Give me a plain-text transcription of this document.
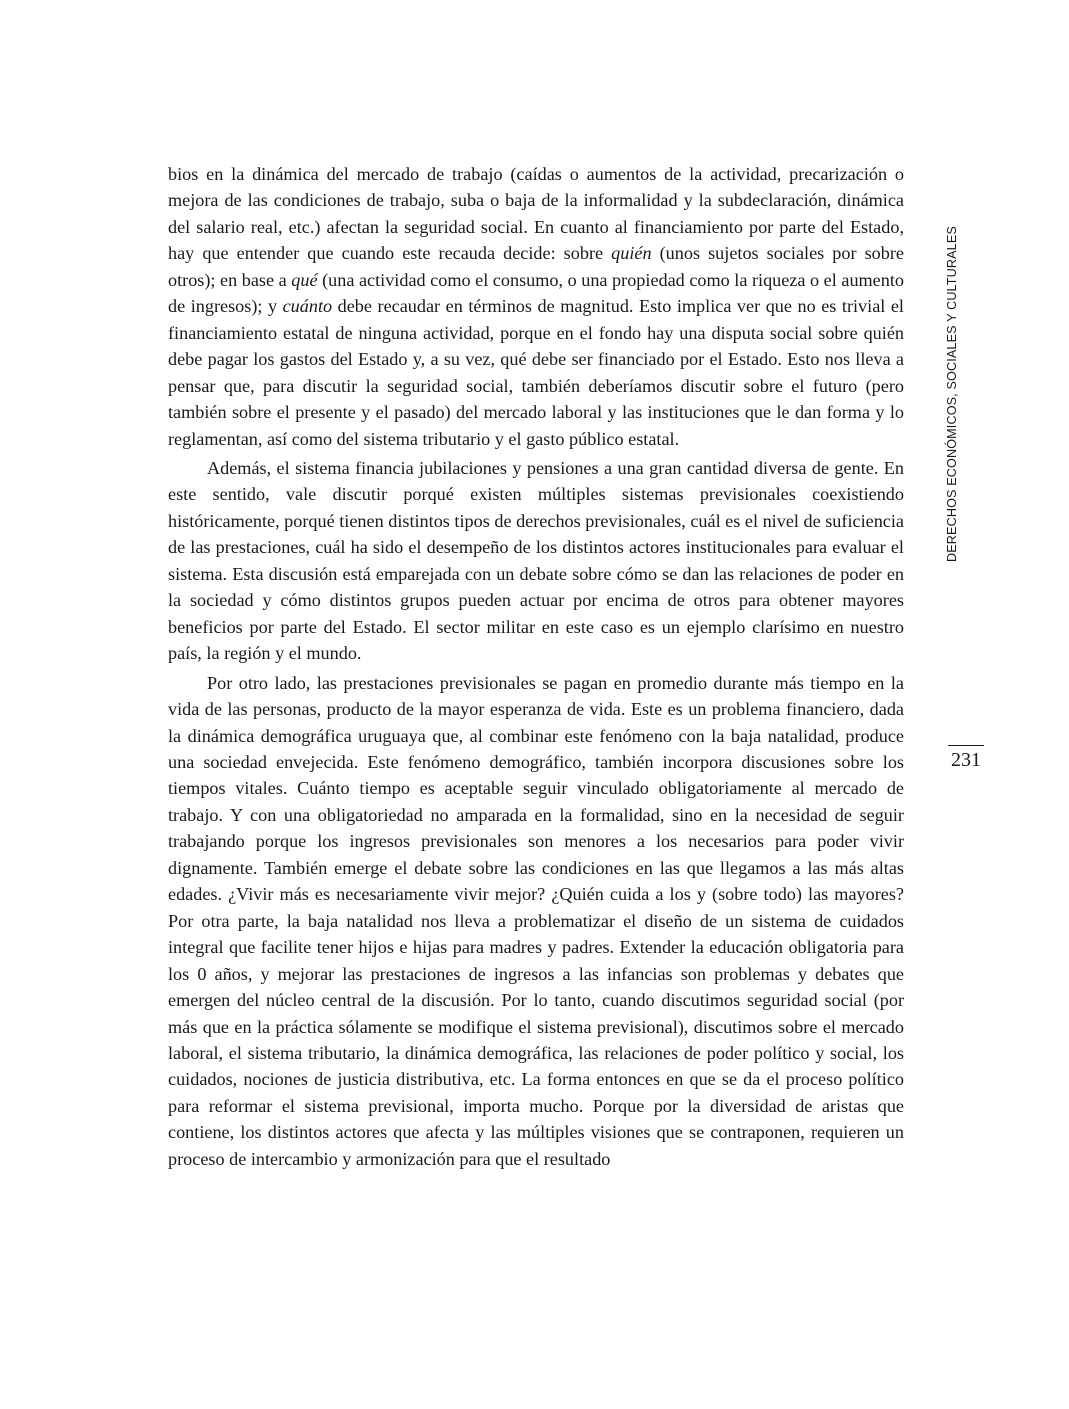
bios en la dinámica del mercado de trabajo (caídas o aumentos de la actividad, precarización o mejora de las condiciones de trabajo, suba o baja de la informalidad y la subdeclaración, dinámica del salario real, etc.) afectan la seguridad social. En cuanto al financiamiento por parte del Estado, hay que entender que cuando este recauda decide: sobre quién (unos sujetos sociales por sobre otros); en base a qué (una actividad como el consumo, o una propiedad como la riqueza o el aumento de ingresos); y cuánto debe recaudar en términos de magnitud. Esto implica ver que no es trivial el financiamiento estatal de ninguna actividad, porque en el fondo hay una disputa social sobre quién debe pagar los gastos del Estado y, a su vez, qué debe ser financiado por el Estado. Esto nos lleva a pensar que, para discutir la seguridad social, también deberíamos discutir sobre el futuro (pero también sobre el presente y el pasado) del mercado laboral y las instituciones que le dan forma y lo reglamentan, así como del sistema tributario y el gasto público estatal.

Además, el sistema financia jubilaciones y pensiones a una gran cantidad diversa de gente. En este sentido, vale discutir porqué existen múltiples sistemas previsionales coexistiendo históricamente, porqué tienen distintos tipos de derechos previsionales, cuál es el nivel de suficiencia de las prestaciones, cuál ha sido el desempeño de los distintos actores institucionales para evaluar el sistema. Esta discusión está emparejada con un debate sobre cómo se dan las relaciones de poder en la sociedad y cómo distintos grupos pueden actuar por encima de otros para obtener mayores beneficios por parte del Estado. El sector militar en este caso es un ejemplo clarísimo en nuestro país, la región y el mundo.

Por otro lado, las prestaciones previsionales se pagan en promedio durante más tiempo en la vida de las personas, producto de la mayor esperanza de vida. Este es un problema financiero, dada la dinámica demográfica uruguaya que, al combinar este fenómeno con la baja natalidad, produce una sociedad envejecida. Este fenómeno demográfico, también incorpora discusiones sobre los tiempos vitales. Cuánto tiempo es aceptable seguir vinculado obligatoriamente al mercado de trabajo. Y con una obligatoriedad no amparada en la formalidad, sino en la necesidad de seguir trabajando porque los ingresos previsionales son menores a los necesarios para poder vivir dignamente. También emerge el debate sobre las condiciones en las que llegamos a las más altas edades. ¿Vivir más es necesariamente vivir mejor? ¿Quién cuida a los y (sobre todo) las mayores? Por otra parte, la baja natalidad nos lleva a problematizar el diseño de un sistema de cuidados integral que facilite tener hijos e hijas para madres y padres. Extender la educación obligatoria para los 0 años, y mejorar las prestaciones de ingresos a las infancias son problemas y debates que emergen del núcleo central de la discusión. Por lo tanto, cuando discutimos seguridad social (por más que en la práctica sólamente se modifique el sistema previsional), discutimos sobre el mercado laboral, el sistema tributario, la dinámica demográfica, las relaciones de poder político y social, los cuidados, nociones de justicia distributiva, etc. La forma entonces en que se da el proceso político para reformar el sistema previsional, importa mucho. Porque por la diversidad de aristas que contiene, los distintos actores que afecta y las múltiples visiones que se contraponen, requieren un proceso de intercambio y armonización para que el resultado

DERECHOS ECONÓMICOS, SOCIALES Y CULTURALES
231
